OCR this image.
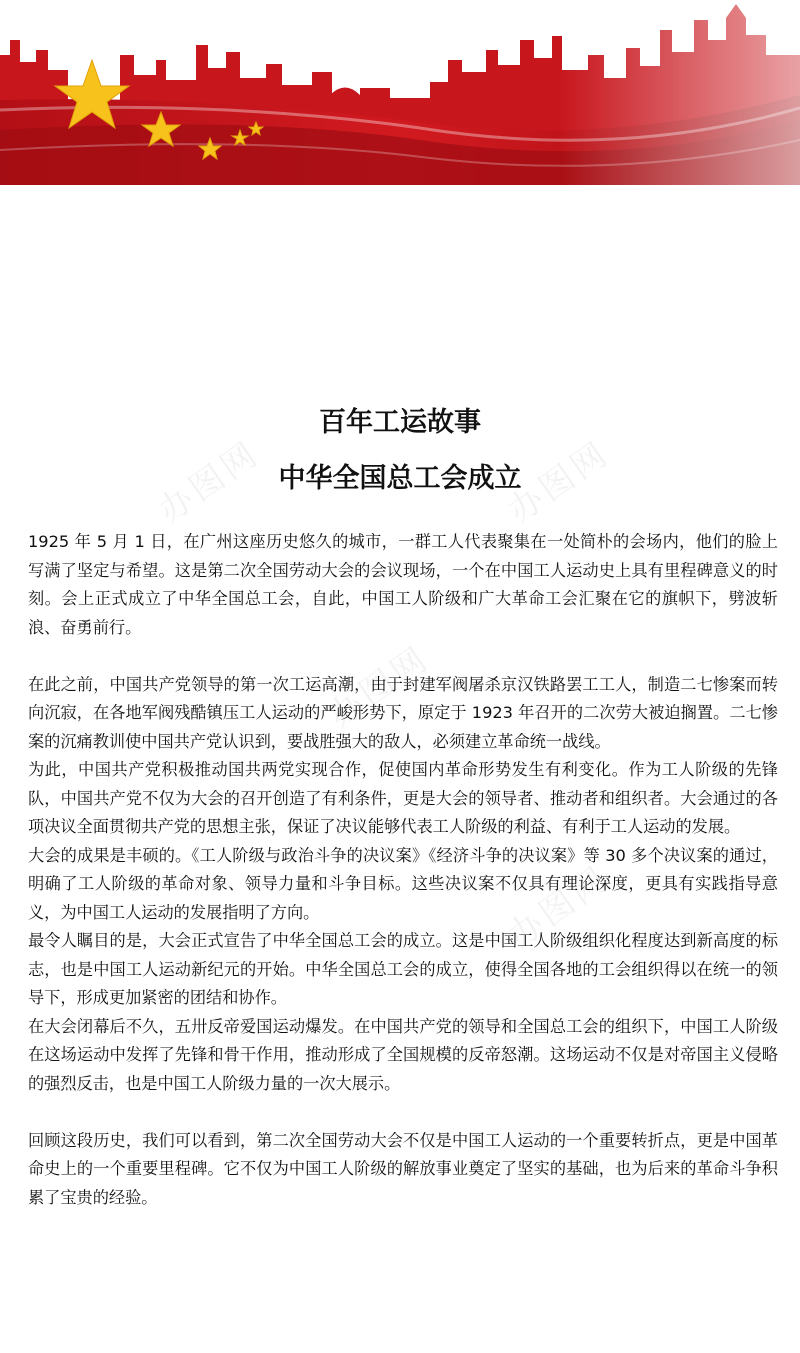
办图网	办图网
办图网
办图网
百年工运故事
中华全国总工会成立

1925 年 5 月 1 日，在广州这座历史悠久的城市，一群工人代表聚集在一处简朴的会场内，他们的脸上写满了坚定与希望。这是第二次全国劳动大会的会议现场，一个在中国工人运动史上具有里程碑意义的时刻。会上正式成立了中华全国总工会，自此，中国工人阶级和广大革命工会汇聚在它的旗帜下，劈波斩浪、奋勇前行。

在此之前，中国共产党领导的第一次工运高潮，由于封建军阀屠杀京汉铁路罢工工人，制造二七惨案而转向沉寂，在各地军阀残酷镇压工人运动的严峻形势下，原定于 1923 年召开的二次劳大被迫搁置。二七惨案的沉痛教训使中国共产党认识到，要战胜强大的敌人，必须建立革命统一战线。

为此，中国共产党积极推动国共两党实现合作，促使国内革命形势发生有利变化。作为工人阶级的先锋队，中国共产党不仅为大会的召开创造了有利条件，更是大会的领导者、推动者和组织者。大会通过的各项决议全面贯彻共产党的思想主张，保证了决议能够代表工人阶级的利益、有利于工人运动的发展。

大会的成果是丰硕的。《工人阶级与政治斗争的决议案》《经济斗争的决议案》等 30 多个决议案的通过，明确了工人阶级的革命对象、领导力量和斗争目标。这些决议案不仅具有理论深度，更具有实践指导意义，为中国工人运动的发展指明了方向。

最令人瞩目的是，大会正式宣告了中华全国总工会的成立。这是中国工人阶级组织化程度达到新高度的标志，也是中国工人运动新纪元的开始。中华全国总工会的成立，使得全国各地的工会组织得以在统一的领导下，形成更加紧密的团结和协作。

在大会闭幕后不久，五卅反帝爱国运动爆发。在中国共产党的领导和全国总工会的组织下，中国工人阶级在这场运动中发挥了先锋和骨干作用，推动形成了全国规模的反帝怒潮。这场运动不仅是对帝国主义侵略的强烈反击，也是中国工人阶级力量的一次大展示。

回顾这段历史，我们可以看到，第二次全国劳动大会不仅是中国工人运动的一个重要转折点，更是中国革命史上的一个重要里程碑。它不仅为中国工人阶级的解放事业奠定了坚实的基础，也为后来的革命斗争积累了宝贵的经验。
